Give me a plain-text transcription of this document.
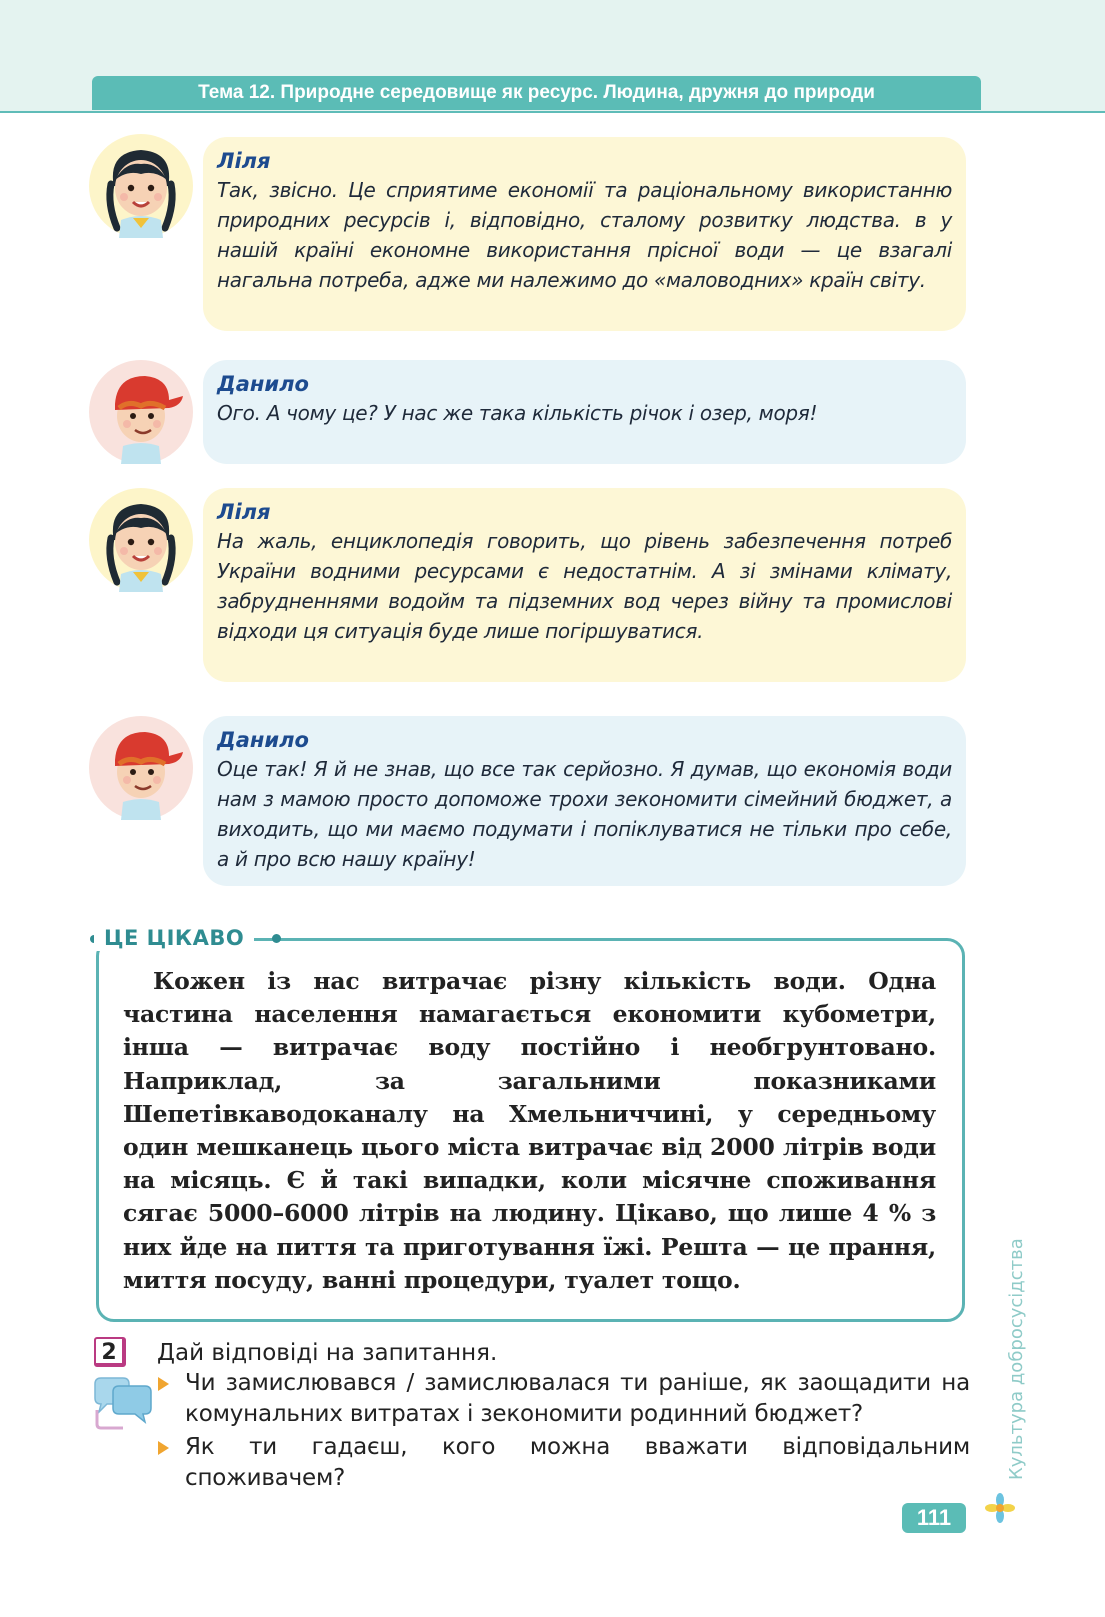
Тема 12. Природне середовище як ресурс. Людина, дружня до природи
Ліля

Так, звісно. Це сприятиме економії та раціональному використанню природних ресурсів і, відповідно, сталому розвитку людства. в у нашій країні економне використання прісної води — це взагалі нагальна потреба, адже ми належимо до «маловодних» країн світу.

Данило

Ого. А чому це? У нас же така кількість річок і озер, моря!

Ліля

На жаль, енциклопедія говорить, що рівень забезпечення потреб України водними ресурсами є недостатнім. А зі змінами клімату, забрудненнями водойм та підземних вод через війну та промислові відходи ця ситуація буде лише погіршуватися.

Данило

Оце так! Я й не знав, що все так серйозно. Я думав, що економія води нам з мамою просто допоможе трохи зекономити сімейний бюджет, а виходить, що ми маємо подумати і попіклуватися не тільки про себе, а й про всю нашу країну!

Кожен із нас витрачає різну кількість води. Одна частина населення намагається економити кубометри, інша — витрачає воду постійно і необгрунтовано. Наприклад, за загальними показниками Шепетівкаводоканалу на Хмельниччині, у середньому один мешканець цього міста витрачає від 2000 літрів води на місяць. Є й такі випадки, коли місячне споживання сягає 5000–6000 літрів на людину. Цікаво, що лише 4 % з них йде на пиття та приготування їжі. Решта — це прання, миття посуду, ванні процедури, туалет тощо.

ЦЕ ЦІКАВО
2	Дай відповіді на запитання.
Чи замислювався / замислювалася ти раніше, як заощадити на комунальних витратах і зекономити родинний бюджет?
Як ти гадаєш, кого можна вважати відповідальним споживачем?	Культура добросусідства
111
